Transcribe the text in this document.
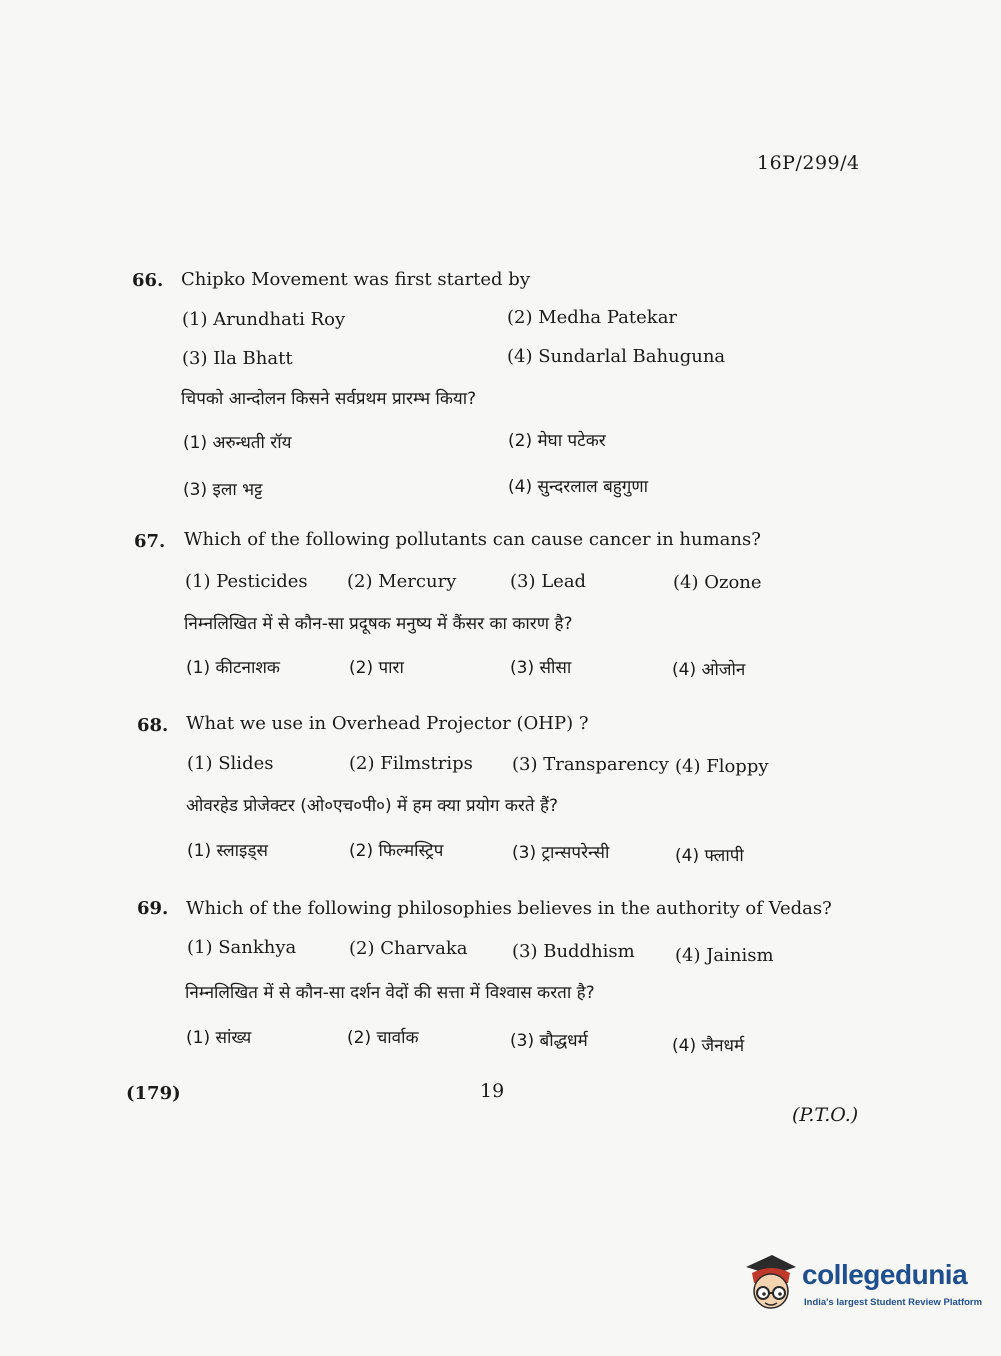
16P/299/4
66. Chipko Movement was first started by
(1) Arundhati Roy	(2) Medha Patekar
(3) Ila Bhatt	(4) Sundarlal Bahuguna
चिपको आन्दोलन किसने सर्वप्रथम प्रारम्भ किया?
(1) अरुन्धती रॉय	(2) मेघा पटेकर
(3) इला भट्ट	(4) सुन्दरलाल बहुगुणा
67. Which of the following pollutants can cause cancer in humans?
(1) Pesticides (2) Mercury	(3) Lead	(4) Ozone
निम्नलिखित में से कौन-सा प्रदूषक मनुष्य में कैंसर का कारण है?
(1) कीटनाशक	(2) पारा	(3) सीसा	(4) ओजोन
68. What we use in Overhead Projector (OHP) ?
(1) Slides	(2) Filmstrips (3) Transparency (4) Floppy
ओवरहेड प्रोजेक्टर (ओ०एच०पी०) में हम क्या प्रयोग करते हैं?
(1) स्लाइड्स	(2) फिल्मस्ट्रिप	(3) ट्रान्सपरेन्सी	(4) फ्लापी
69. Which of the following philosophies believes in the authority of Vedas?
(1) Sankhya	(2) Charvaka (3) Buddhism (4) Jainism
निम्नलिखित में से कौन-सा दर्शन वेदों की सत्ता में विश्वास करता है?
(1) सांख्य	(2) चार्वाक	(3) बौद्धधर्म	(4) जैनधर्म
(179)	19
(P.T.O.)
collegedunia
India's largest Student Review Platform
